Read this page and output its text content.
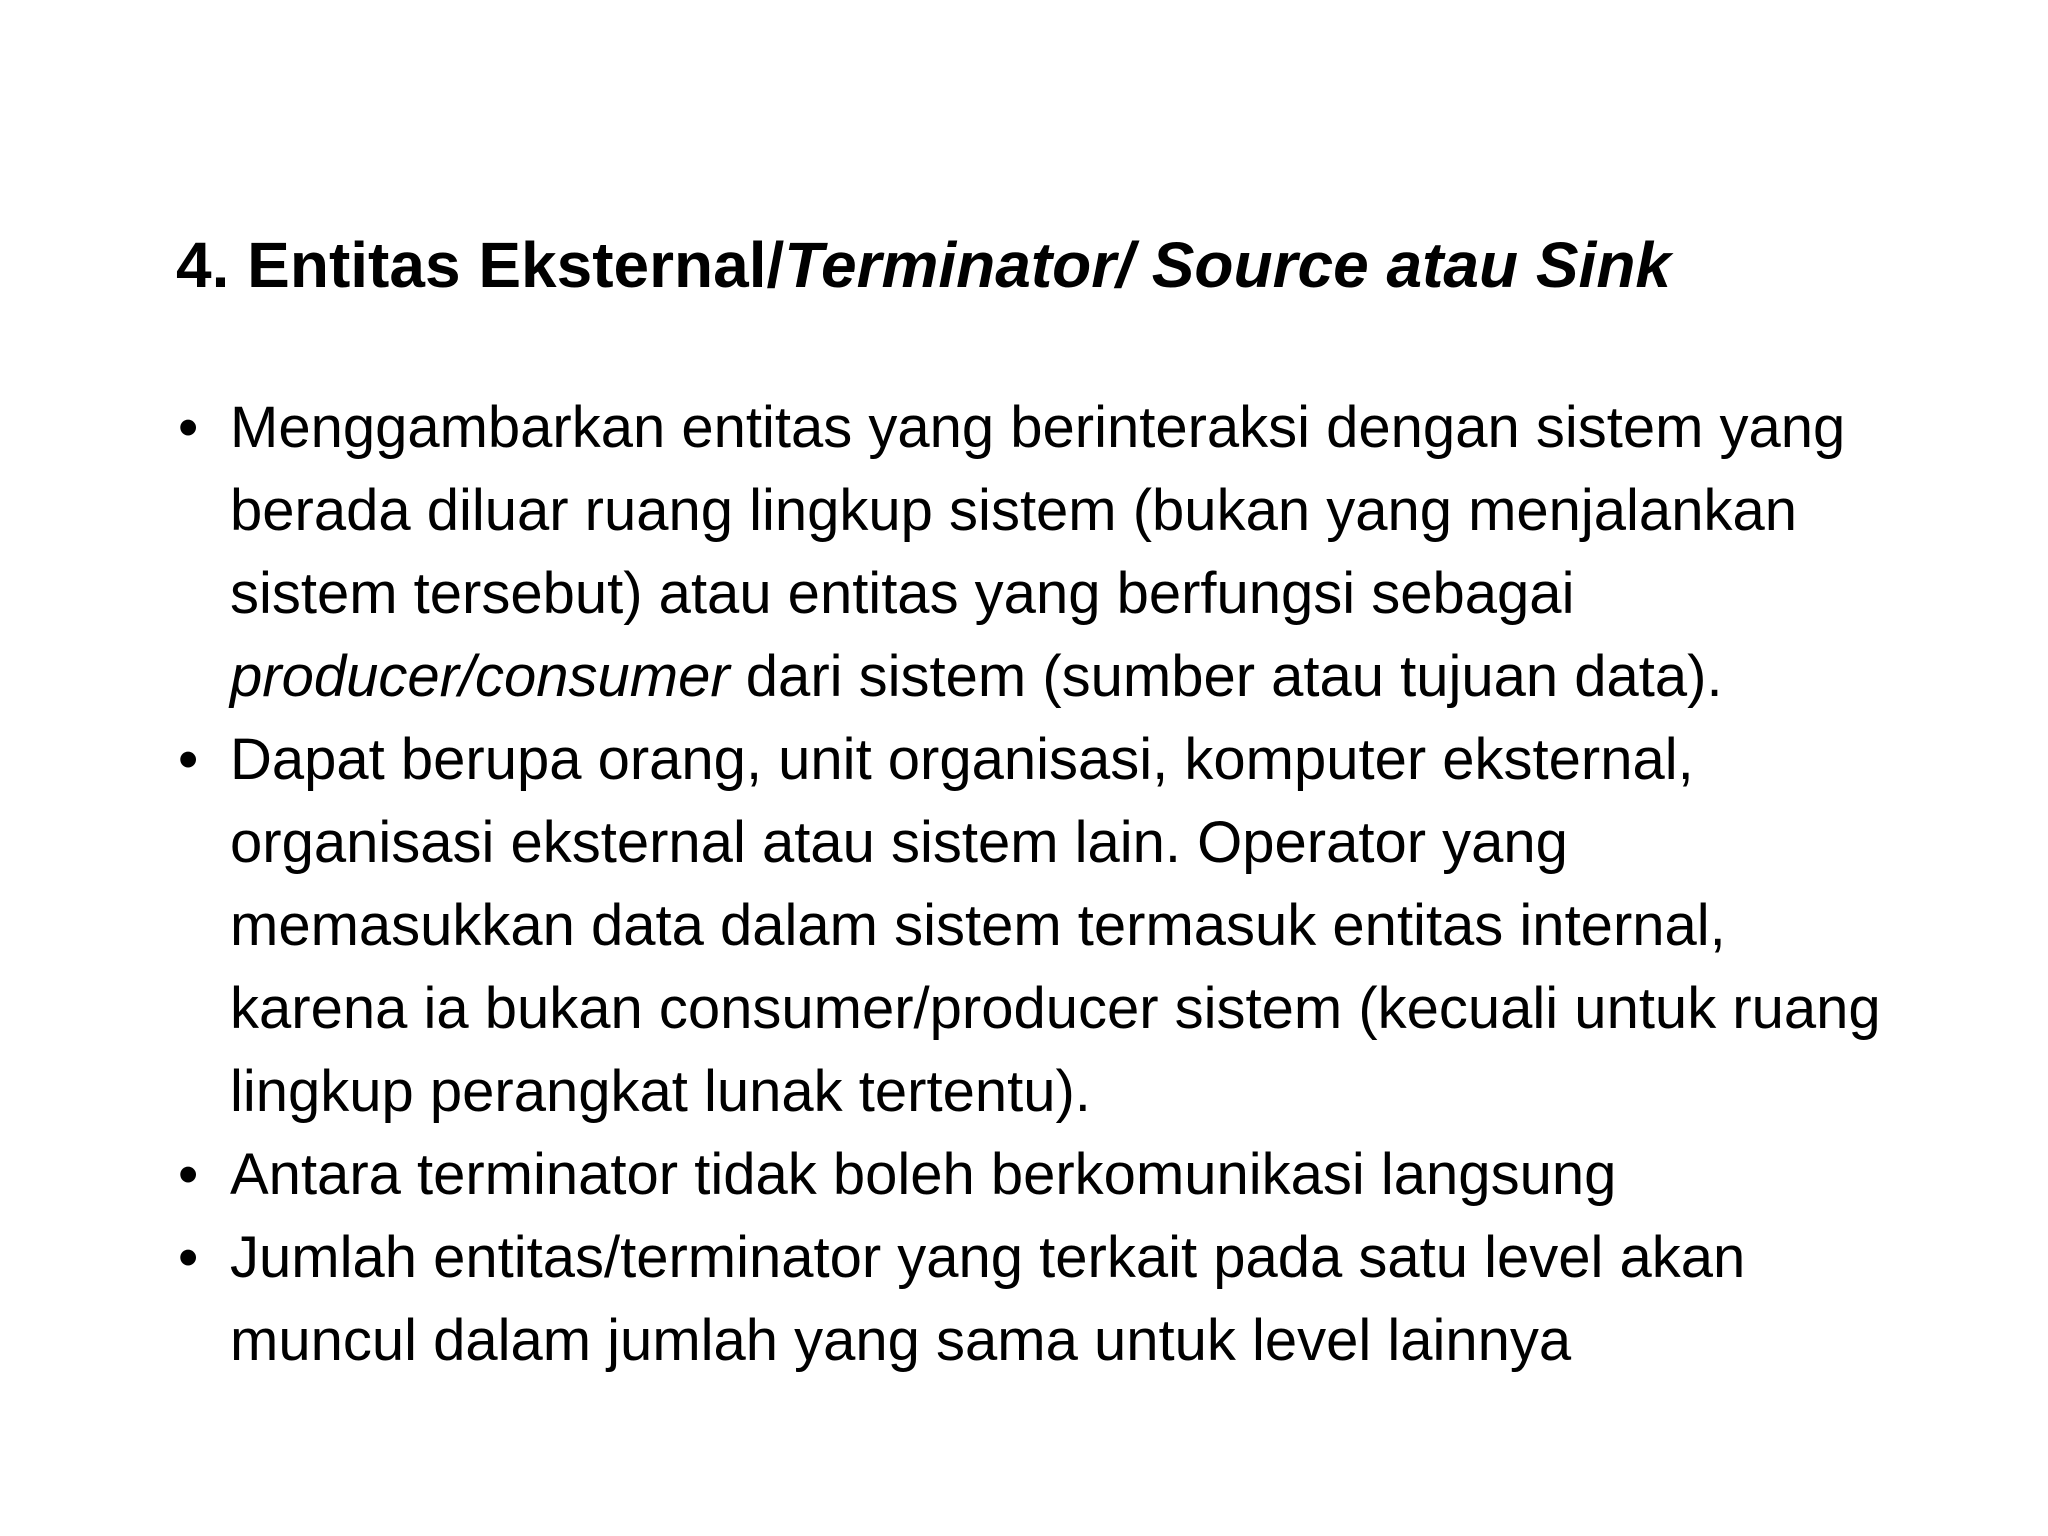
4. Entitas Eksternal/Terminator/ Source atau Sink
• Menggambarkan entitas yang berinteraksi dengan sistem yang berada diluar ruang lingkup sistem (bukan yang menjalankan sistem tersebut) atau entitas yang berfungsi sebagai producer/consumer dari sistem (sumber atau tujuan data).
• Dapat berupa orang, unit organisasi, komputer eksternal, organisasi eksternal atau sistem lain. Operator yang memasukkan data dalam sistem termasuk entitas internal, karena ia bukan consumer/producer sistem (kecuali untuk ruang lingkup perangkat lunak tertentu).
• Antara terminator tidak boleh berkomunikasi langsung
• Jumlah entitas/terminator yang terkait pada satu level akan muncul dalam jumlah yang sama untuk level lainnya
